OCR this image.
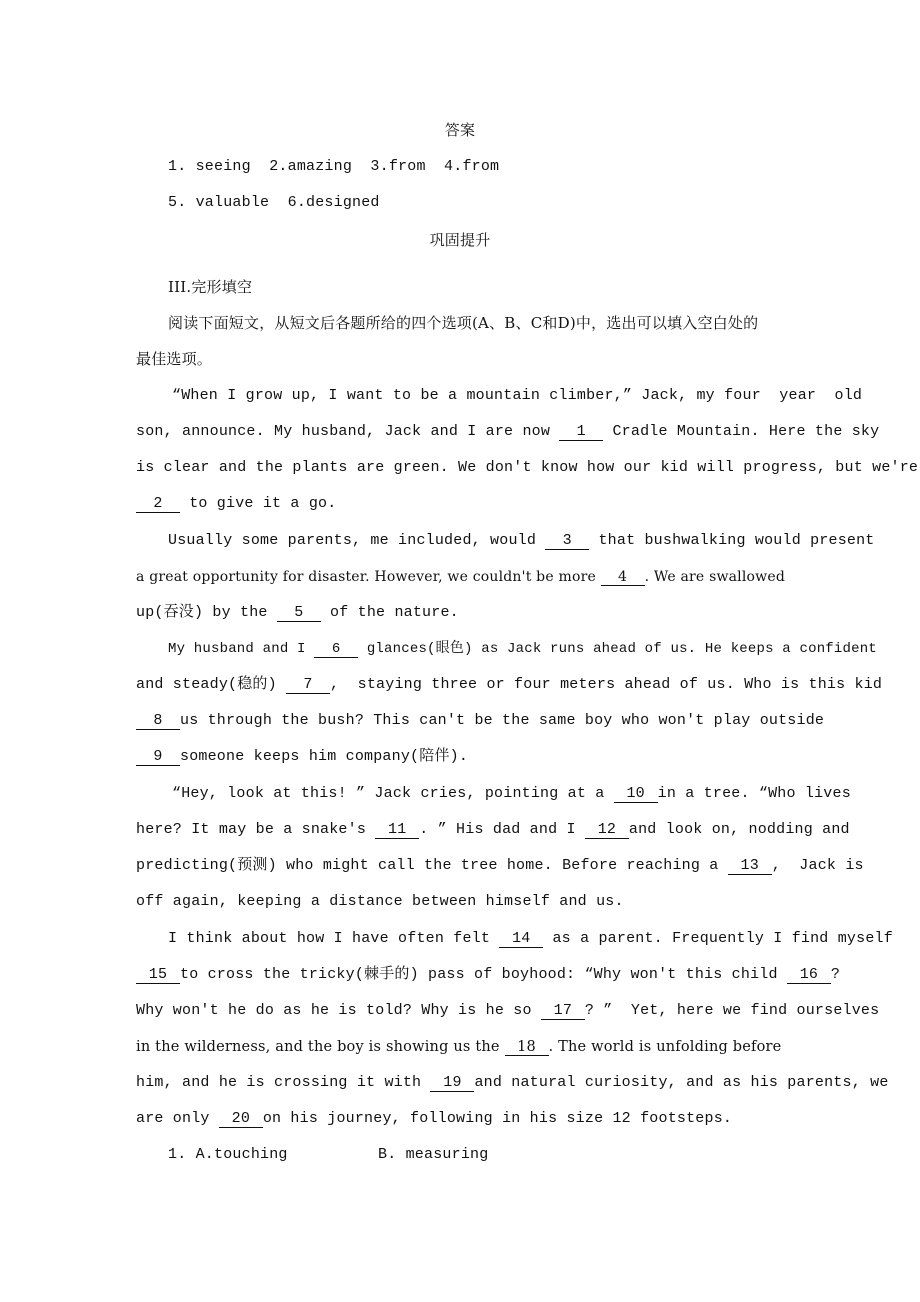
答案
1. seeing  2.amazing  3.from  4.from
5. valuable  6.designed
巩固提升
III.完形填空
阅读下面短文，从短文后各题所给的四个选项(A、B、C和D)中，选出可以填入空白处的
最佳选项。
“When I grow up, I want to be a mountain climber,” Jack, my four  year  old
son, announce. My husband, Jack and I are now 1 Cradle Mountain. Here the sky
is clear and the plants are green. We don't know how our kid will progress, but we're
2 to give it a go.
Usually some parents, me included, would 3 that bushwalking would present
a great opportunity for disaster. However, we couldn't be more 4 . We are swallowed
up(吞没) by the 5 of the nature.
My husband and I 6 glances(眼色) as Jack runs ahead of us. He keeps a confident
and steady(稳的) 7 ,  staying three or four meters ahead of us. Who is this kid
8 us through the bush? This can't be the same boy who won't play outside
9 someone keeps him company(陪伴).
“Hey, look at this! ” Jack cries, pointing at a 10 in a tree. “Who lives
here? It may be a snake's 11 . ” His dad and I 12 and look on, nodding and
predicting(预测) who might call the tree home. Before reaching a 13 ,  Jack is
off again, keeping a distance between himself and us.
I think about how I have often felt 14 as a parent. Frequently I find myself
15 to cross the tricky(棘手的) pass of boyhood: “Why won't this child 16 ?
Why won't he do as he is told? Why is he so 17 ? ”  Yet, here we find ourselves
in the wilderness, and the boy is showing us the 18 . The world is unfolding before
him, and he is crossing it with 19 and natural curiosity, and as his parents, we
are only 20 on his journey, following in his size 12 footsteps.
1. A.touching	B. measuring
